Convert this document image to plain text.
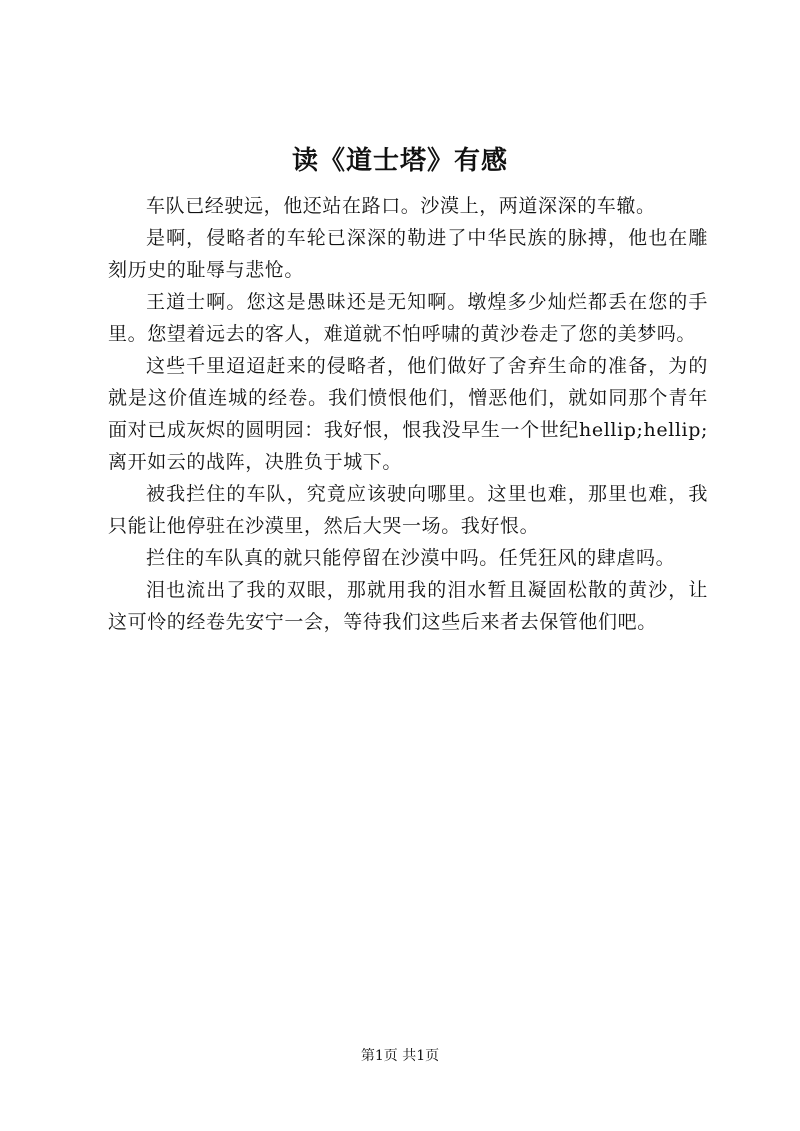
读《道士塔》有感

车队已经驶远，他还站在路口。沙漠上，两道深深的车辙。

是啊，侵略者的车轮已深深的勒进了中华民族的脉搏，他也在雕刻历史的耻辱与悲怆。

王道士啊。您这是愚昧还是无知啊。墩煌多少灿烂都丢在您的手里。您望着远去的客人，难道就不怕呼啸的黄沙卷走了您的美梦吗。

这些千里迢迢赶来的侵略者，他们做好了舍弃生命的准备，为的就是这价值连城的经卷。我们愤恨他们，憎恶他们，就如同那个青年面对已成灰烬的圆明园：我好恨，恨我没早生一个世纪hellip;hellip;离开如云的战阵，决胜负于城下。

被我拦住的车队，究竟应该驶向哪里。这里也难，那里也难，我只能让他停驻在沙漠里，然后大哭一场。我好恨。

拦住的车队真的就只能停留在沙漠中吗。任凭狂风的肆虐吗。

泪也流出了我的双眼，那就用我的泪水暂且凝固松散的黄沙，让这可怜的经卷先安宁一会，等待我们这些后来者去保管他们吧。

第1页 共1页
